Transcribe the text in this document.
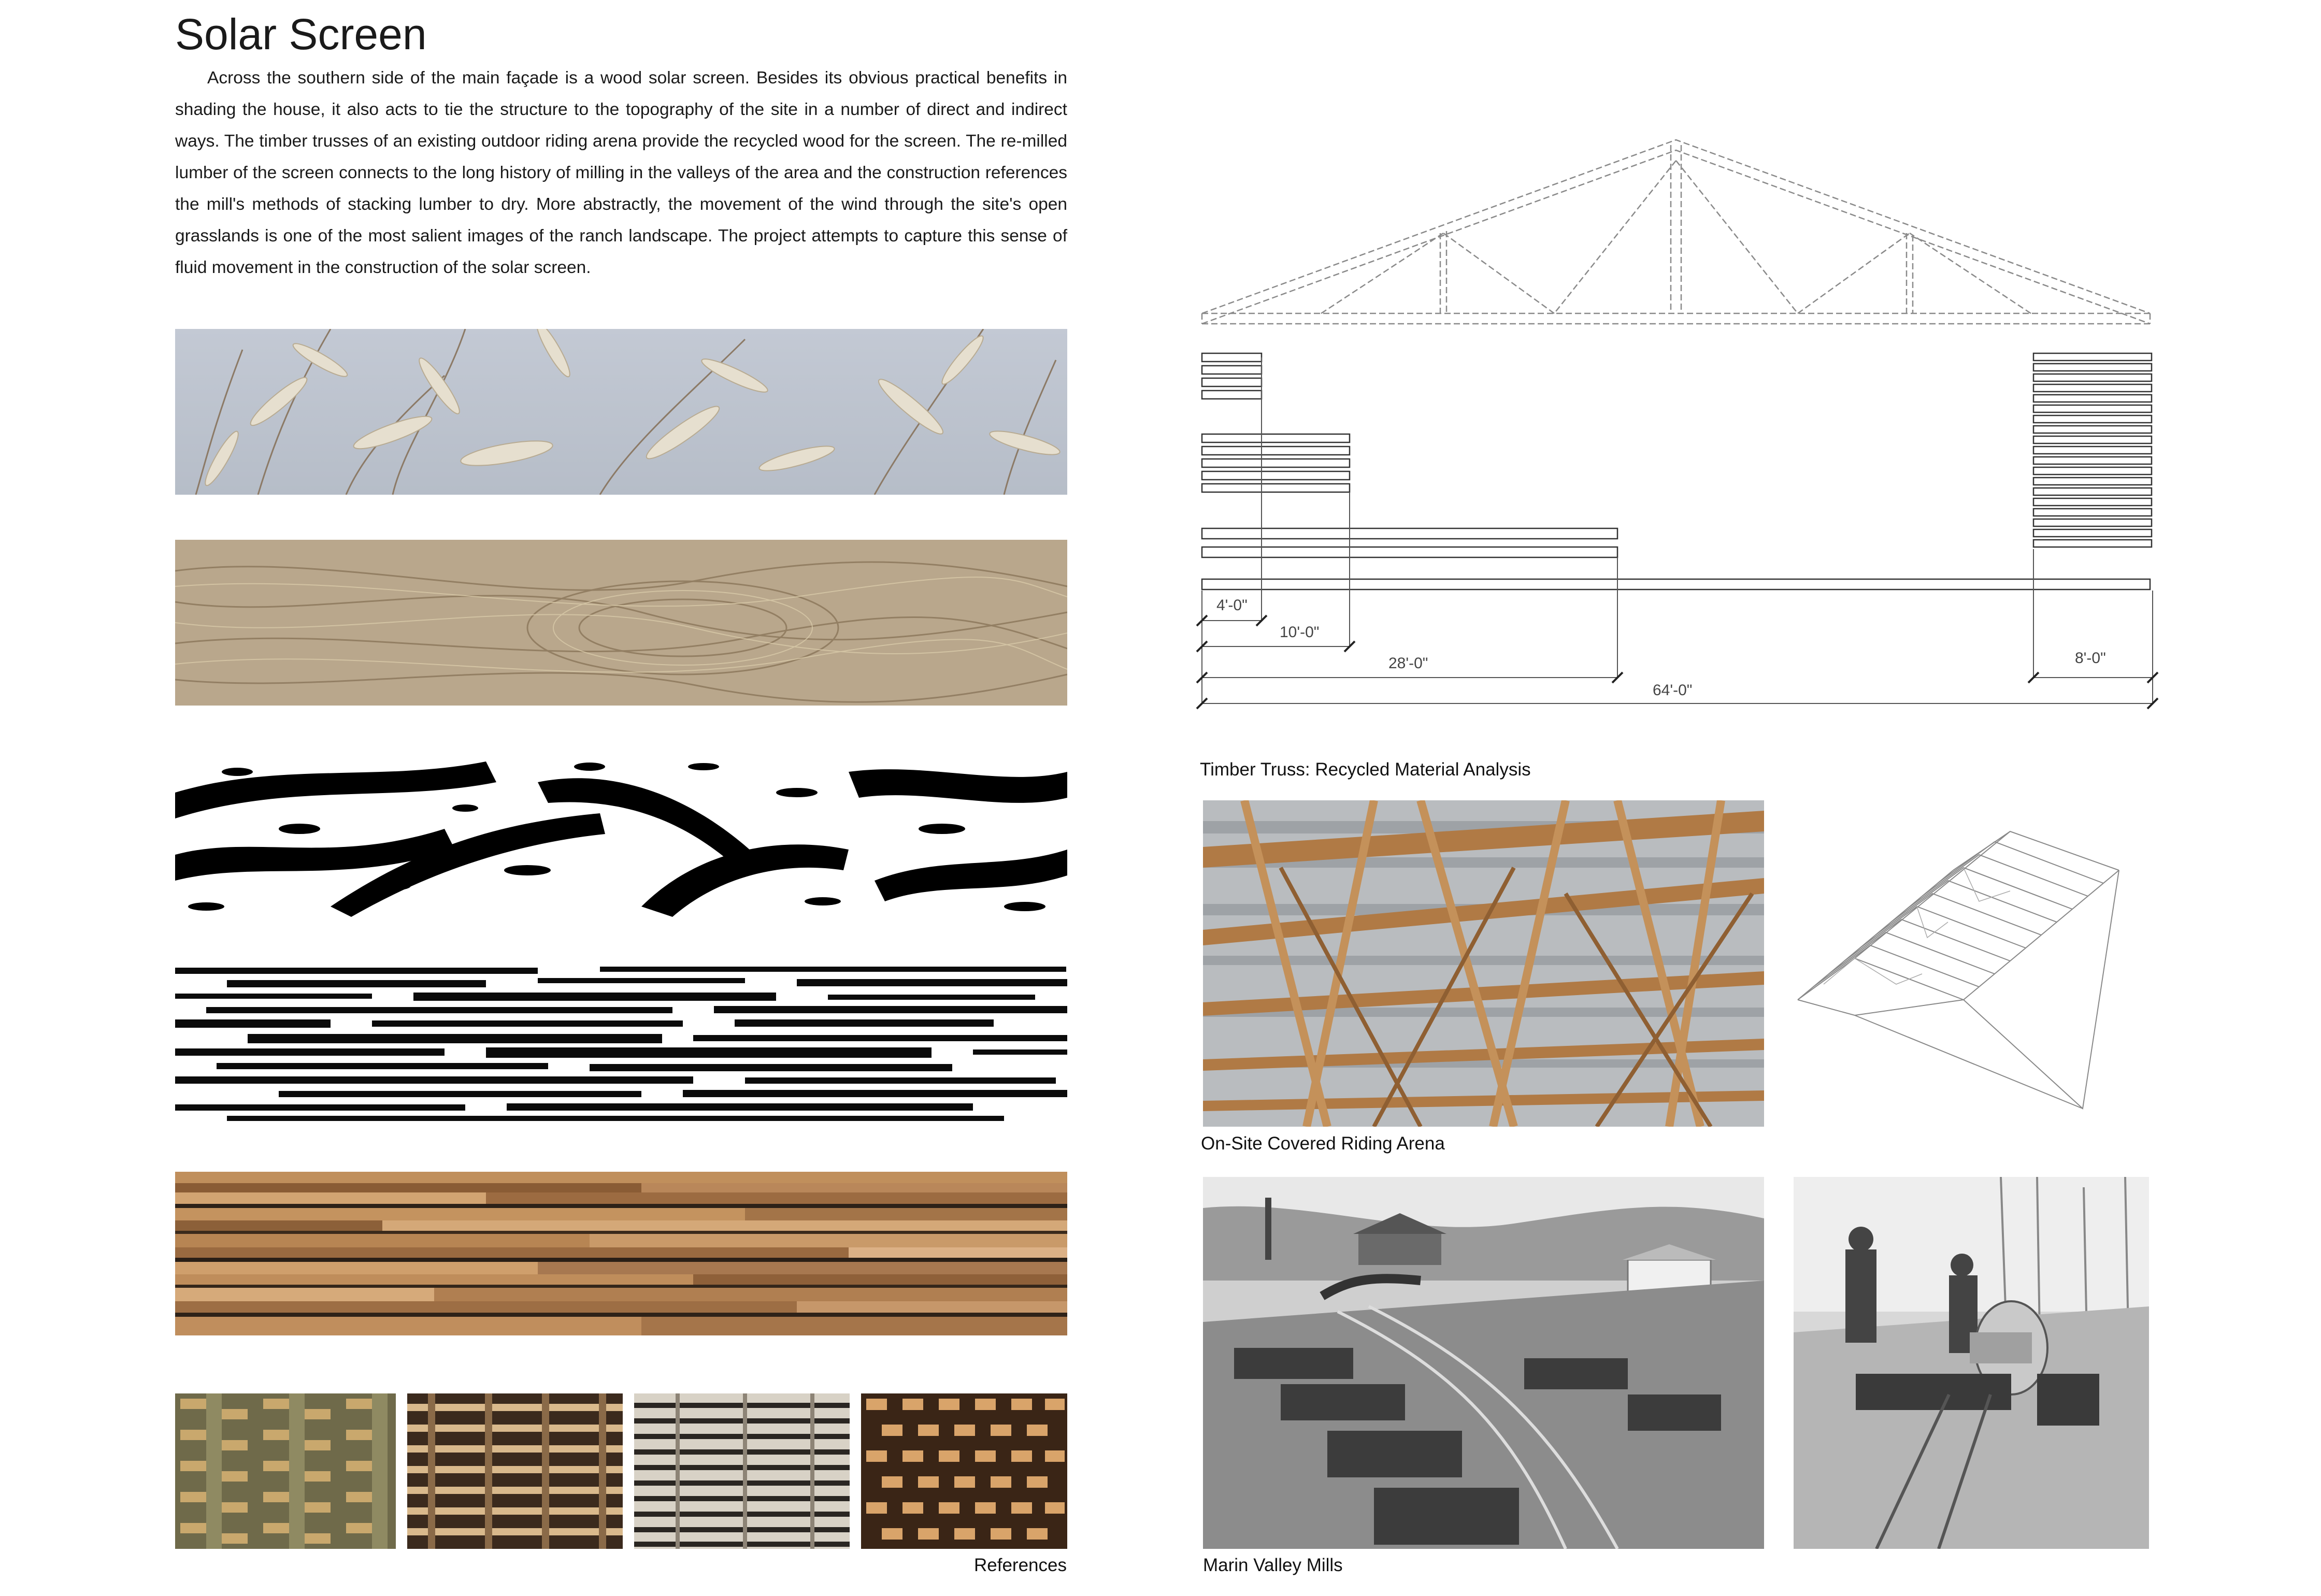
Solar Screen

Across the southern side of the main façade is a wood solar screen. Besides its obvious practical benefits in shading the house, it also acts to tie the structure to the topography of the site in a number of direct and indirect ways. The timber trusses of an existing outdoor riding arena provide the recycled wood for the screen. The re-milled lumber of the screen connects to the long history of milling in the valleys of the area and the construction references the mill's methods of stacking lumber to dry. More abstractly, the movement of the wind through the site's open grasslands is one of the most salient images of the ranch landscape. The project attempts to capture this sense of fluid movement in the construction of the solar screen.

References
4'-0"
10'-0"
28'-0"
64'-0"
8'-0"
Timber Truss: Recycled Material Analysis
On-Site Covered Riding Arena
Marin Valley Mills
